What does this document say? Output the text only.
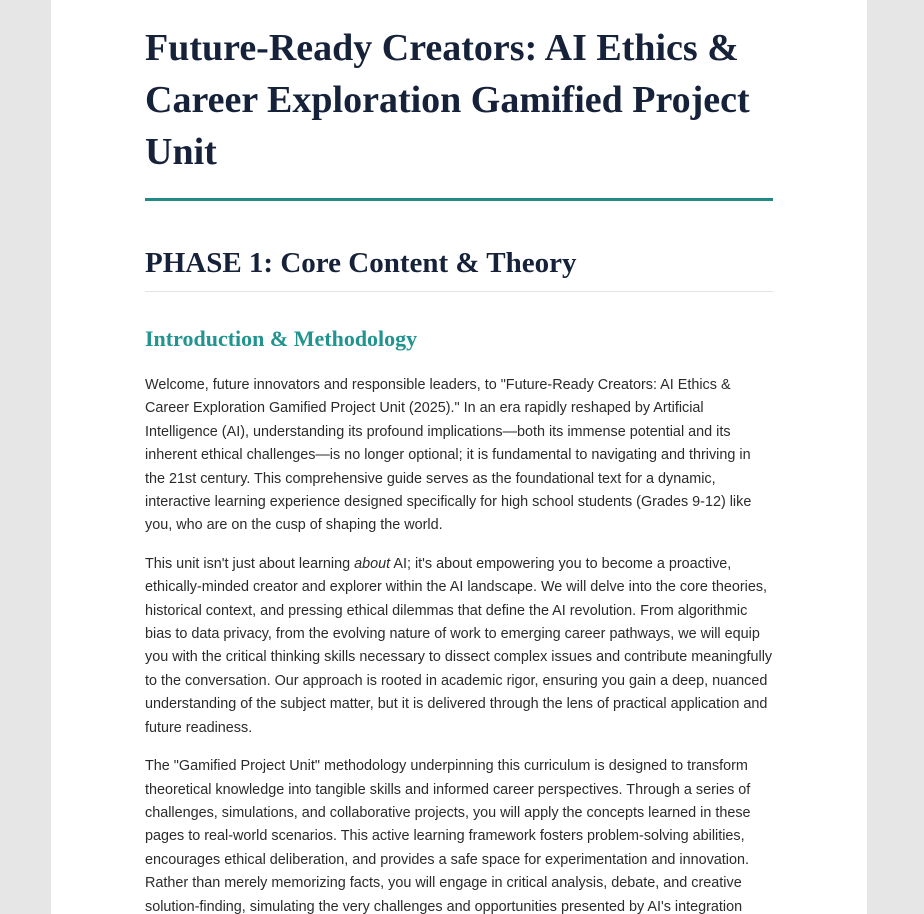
Future-Ready Creators: AI Ethics & Career Exploration Gamified Project Unit
PHASE 1: Core Content & Theory
Introduction & Methodology

Welcome, future innovators and responsible leaders, to "Future-Ready Creators: AI Ethics & Career Exploration Gamified Project Unit (2025)." In an era rapidly reshaped by Artificial Intelligence (AI), understanding its profound implications—both its immense potential and its inherent ethical challenges—is no longer optional; it is fundamental to navigating and thriving in the 21st century. This comprehensive guide serves as the foundational text for a dynamic, interactive learning experience designed specifically for high school students (Grades 9-12) like you, who are on the cusp of shaping the world.

This unit isn't just about learning about AI; it's about empowering you to become a proactive, ethically-minded creator and explorer within the AI landscape. We will delve into the core theories, historical context, and pressing ethical dilemmas that define the AI revolution. From algorithmic bias to data privacy, from the evolving nature of work to emerging career pathways, we will equip you with the critical thinking skills necessary to dissect complex issues and contribute meaningfully to the conversation. Our approach is rooted in academic rigor, ensuring you gain a deep, nuanced understanding of the subject matter, but it is delivered through the lens of practical application and future readiness.

The "Gamified Project Unit" methodology underpinning this curriculum is designed to transform theoretical knowledge into tangible skills and informed career perspectives. Through a series of challenges, simulations, and collaborative projects, you will apply the concepts learned in these pages to real-world scenarios. This active learning framework fosters problem-solving abilities, encourages ethical deliberation, and provides a safe space for experimentation and innovation. Rather than merely memorizing facts, you will engage in critical analysis, debate, and creative solution-finding, simulating the very challenges and opportunities presented by AI's integration
